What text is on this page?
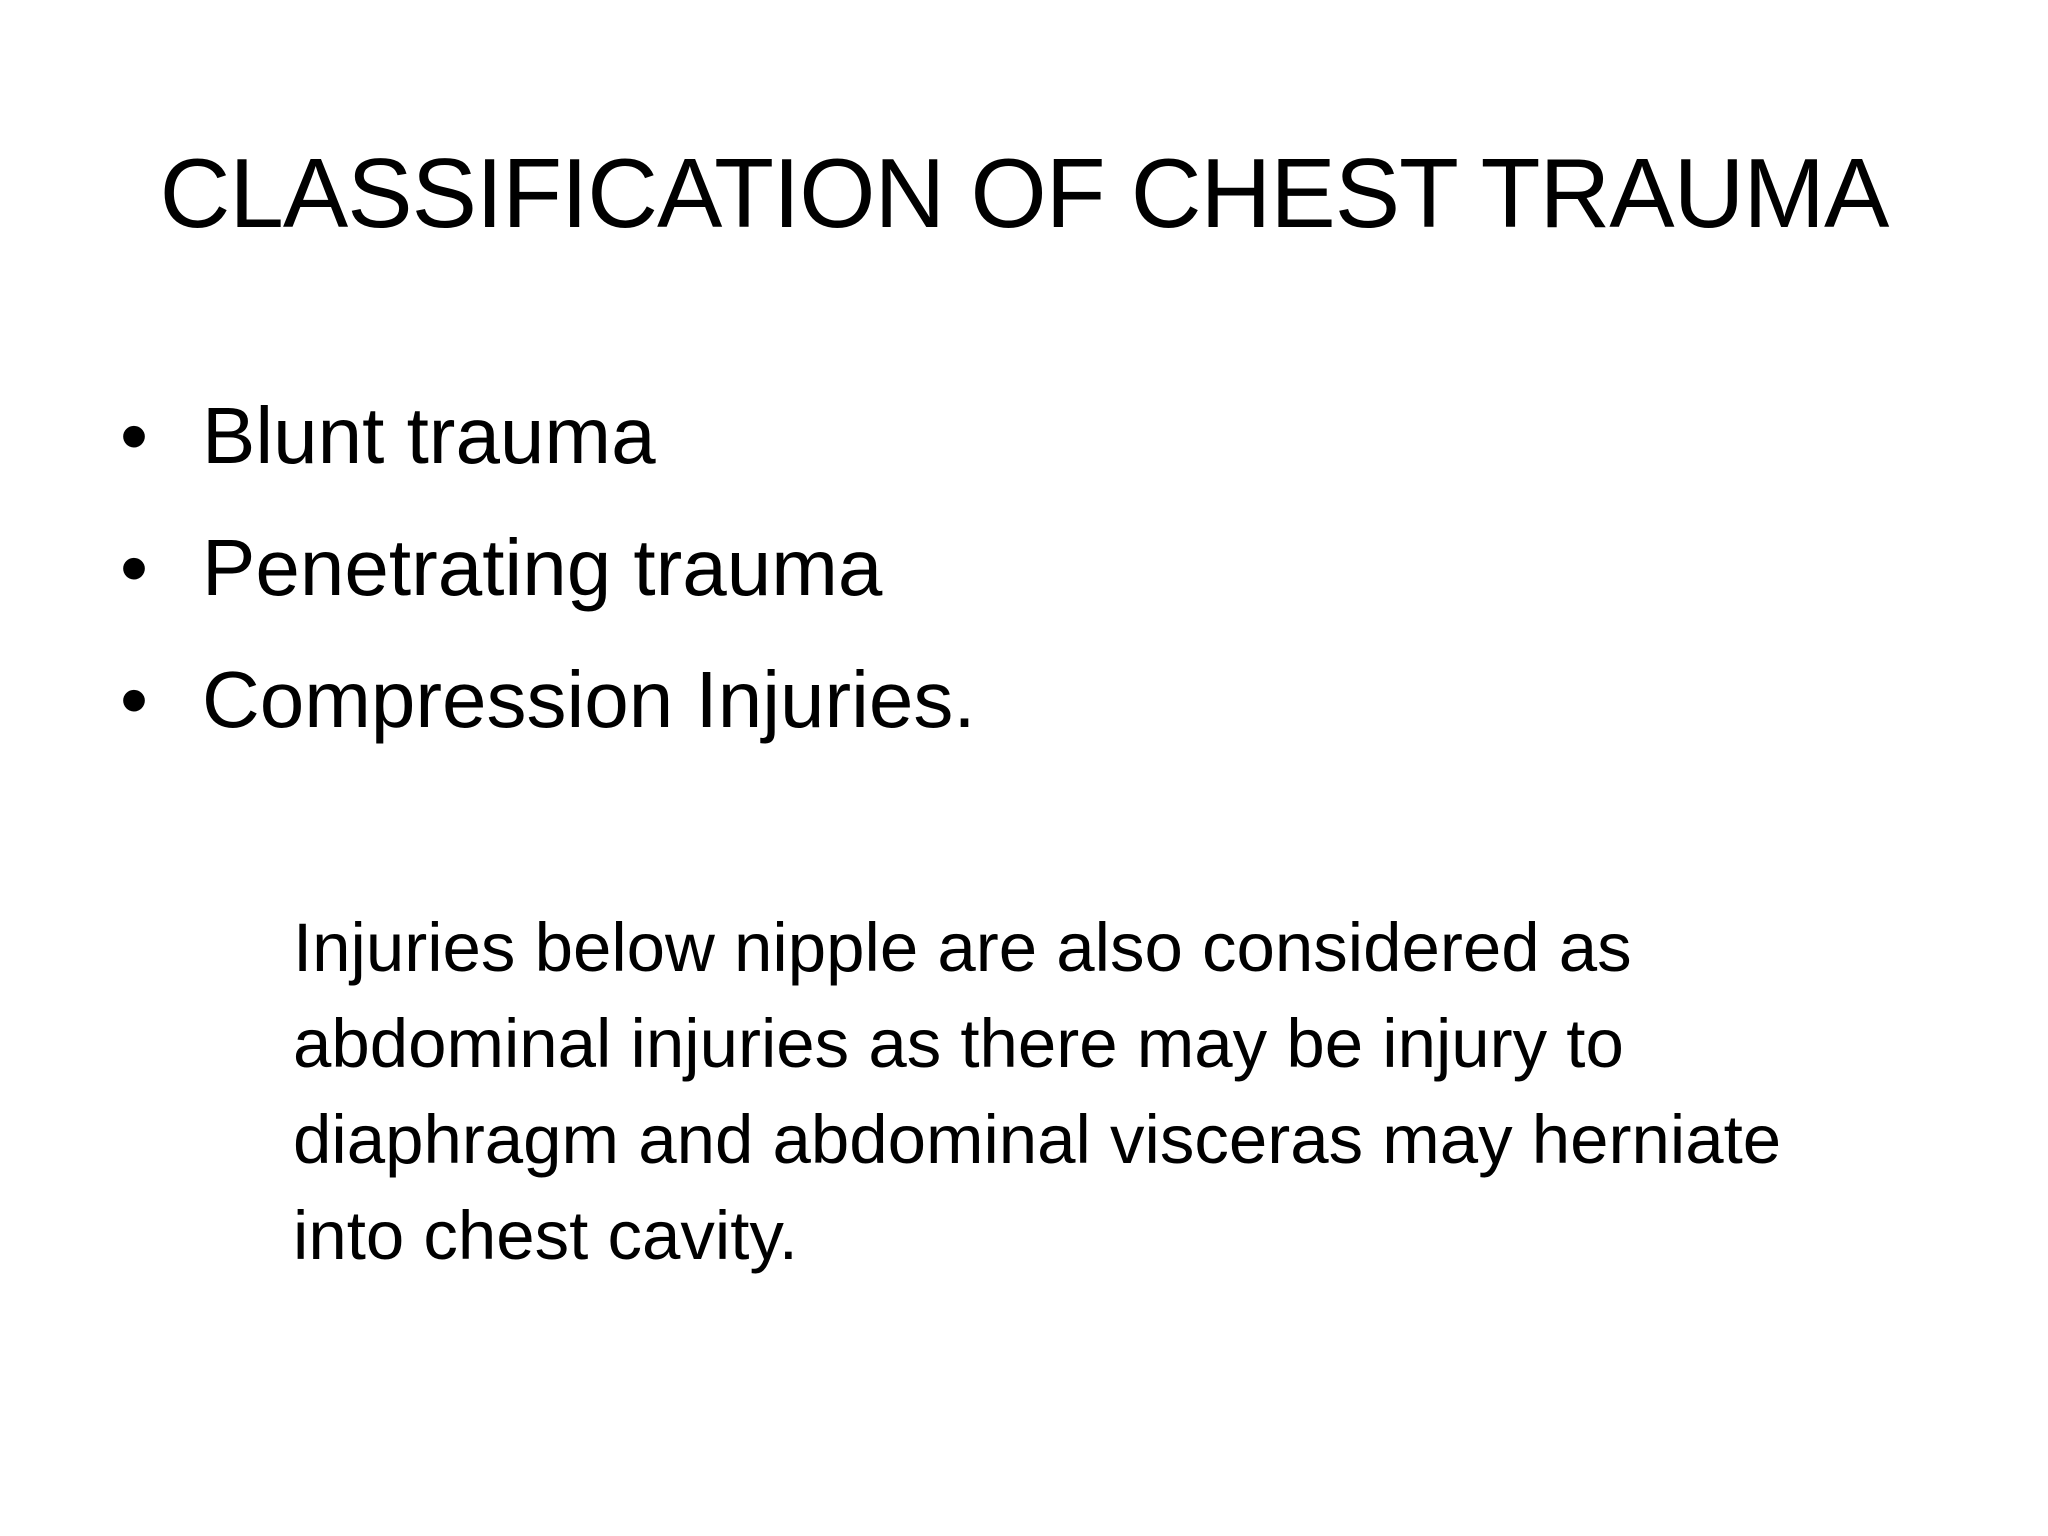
CLASSIFICATION OF CHEST TRAUMA
• Blunt trauma
• Penetrating trauma
• Compression Injuries.

Injuries below nipple are also considered as
abdominal injuries as there may be injury to
diaphragm and abdominal visceras may herniate
into chest cavity.
